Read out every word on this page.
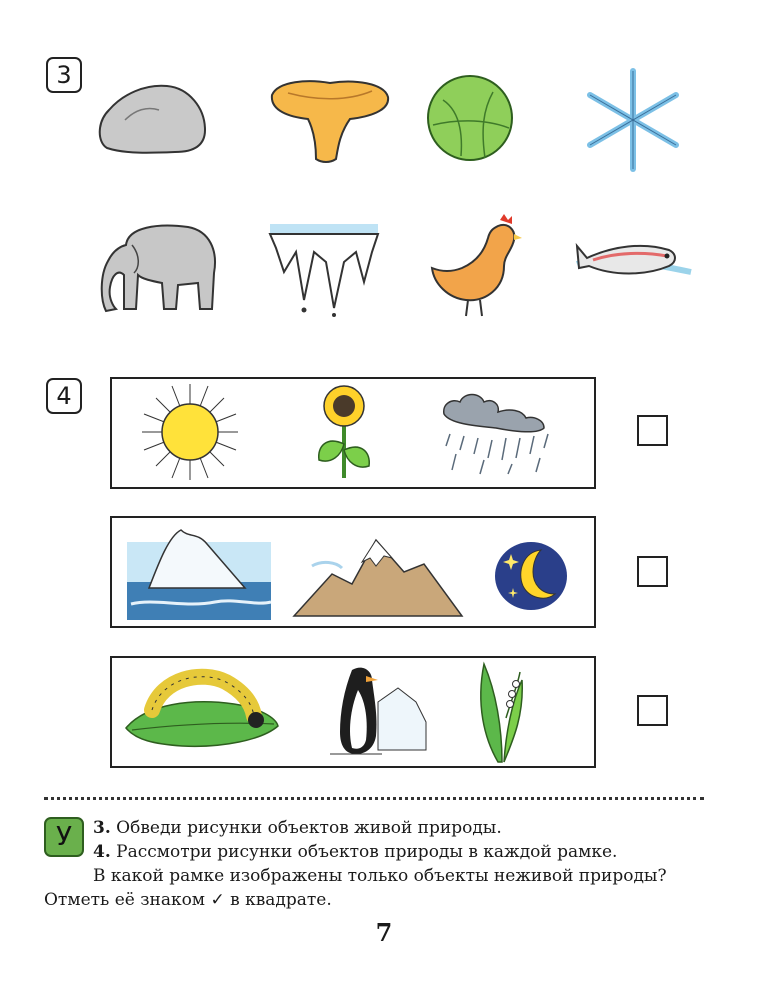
3
4
У	3. Обведи рисунки объектов живой природы.
4. Рассмотри рисунки объектов природы в каждой рамке.
В какой рамке изображены только объекты неживой природы?
Отметь её знаком ✓ в квадрате.
7
